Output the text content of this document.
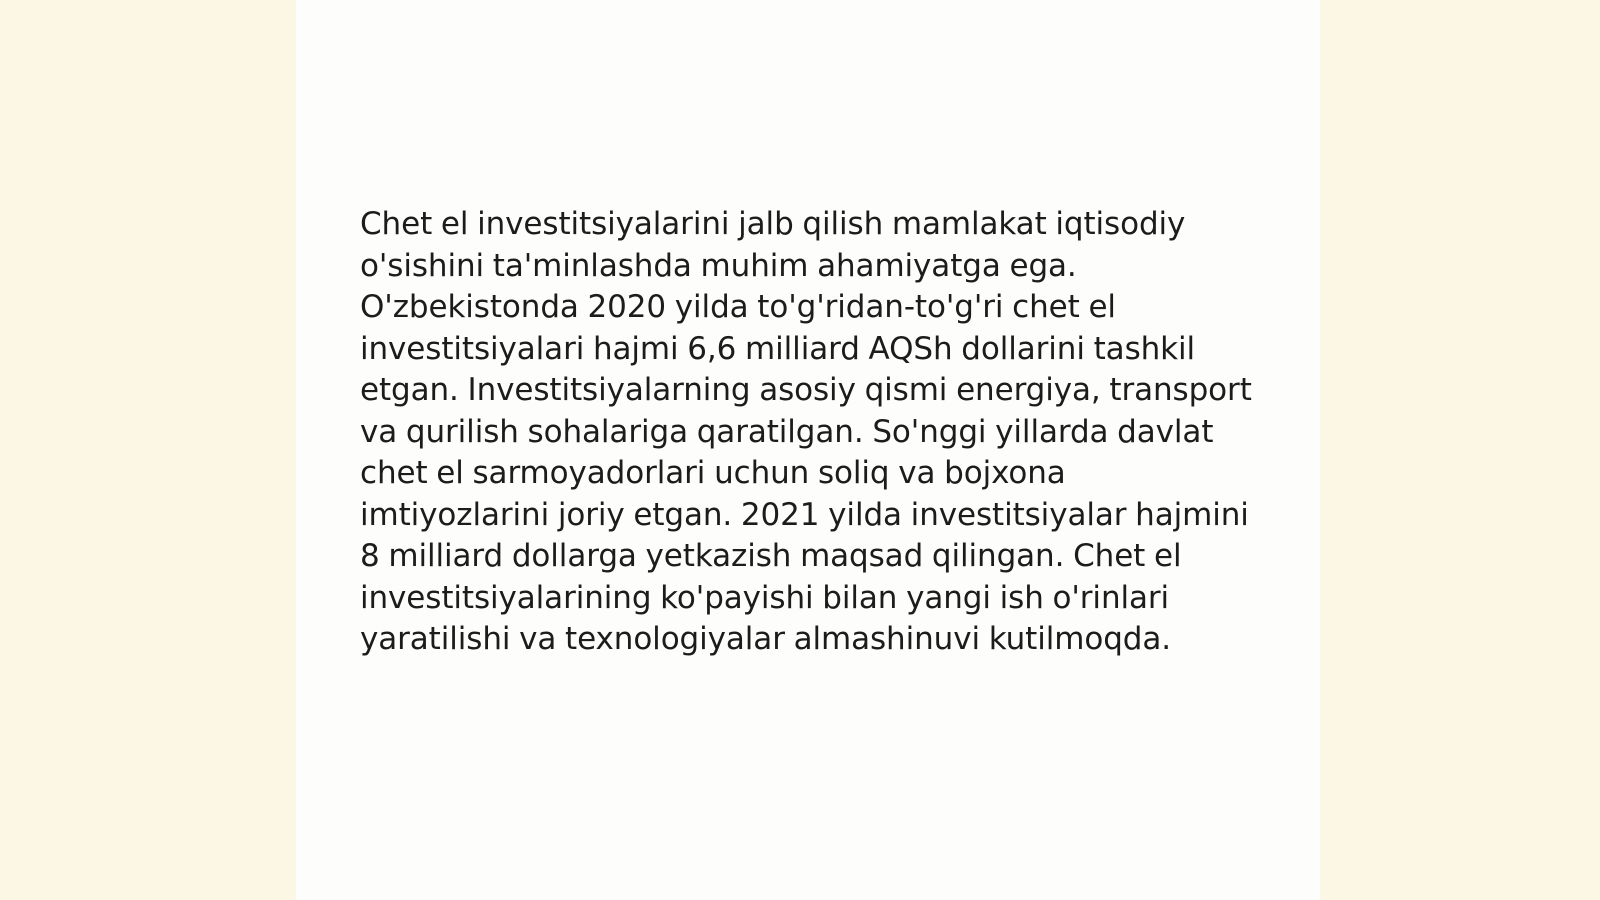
Chet el investitsiyalarini jalb qilish mamlakat iqtisodiy o'sishini ta'minlashda muhim ahamiyatga ega. O'zbekistonda 2020 yilda to'g'ridan-to'g'ri chet el investitsiyalari hajmi 6,6 milliard AQSh dollarini tashkil etgan. Investitsiyalarning asosiy qismi energiya, transport va qurilish sohalariga qaratilgan. So'nggi yillarda davlat chet el sarmoyadorlari uchun soliq va bojxona imtiyozlarini joriy etgan. 2021 yilda investitsiyalar hajmini 8 milliard dollarga yetkazish maqsad qilingan. Chet el investitsiyalarining ko'payishi bilan yangi ish o'rinlari yaratilishi va texnologiyalar almashinuvi kutilmoqda.
